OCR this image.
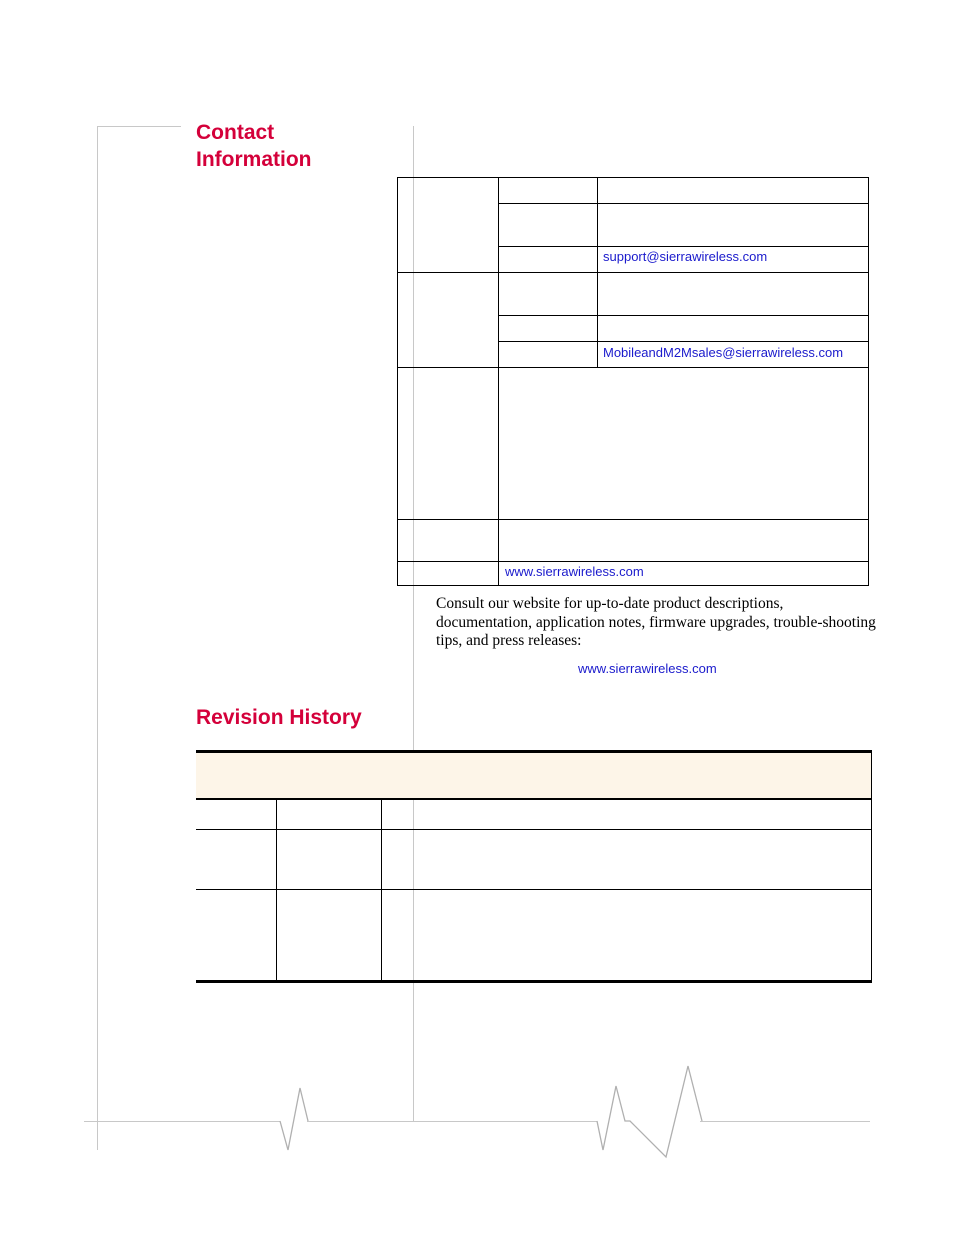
Contact
Information
support@sierrawireless.com
MobileandM2Msales@sierrawireless.com
www.sierrawireless.com

Consult our website for up-to-date product descriptions, documentation, application notes, firmware upgrades, trouble-shooting tips, and press releases:

www.sierrawireless.com
Revision History
